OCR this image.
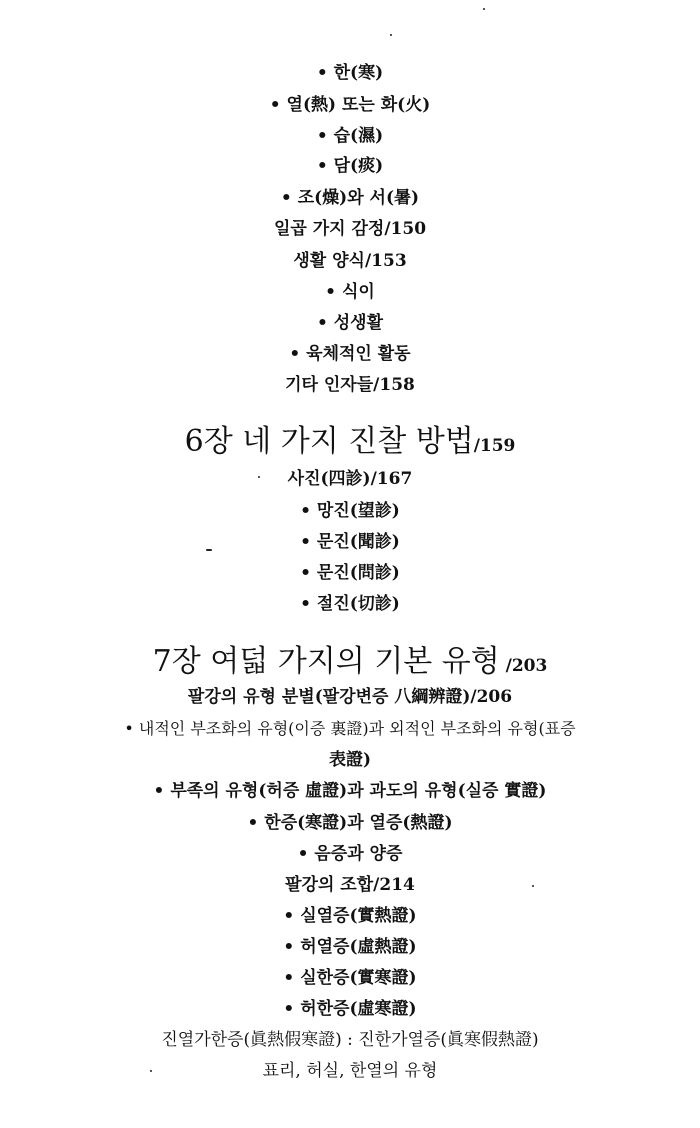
• 한(寒)
• 열(熱) 또는 화(火)
• 습(濕)
• 담(痰)
• 조(燥)와 서(暑)
일곱 가지 감정/150
생활 양식/153
• 식이
• 성생활
• 육체적인 활동
기타 인자들/158
6장 네 가지 진찰 방법/159
사진(四診)/167
• 망진(望診)
• 문진(聞診)
• 문진(問診)
• 절진(切診)
7장 여덟 가지의 기본 유형 /203
팔강의 유형 분별(팔강변증 八綱辨證)/206
• 내적인 부조화의 유형(이증 裏證)과 외적인 부조화의 유형(표증
表證)
• 부족의 유형(허증 虛證)과 과도의 유형(실증 實證)
• 한증(寒證)과 열증(熱證)
• 음증과 양증
팔강의 조합/214
• 실열증(實熱證)
• 허열증(虛熱證)
• 실한증(實寒證)
• 허한증(虛寒證)
진열가한증(眞熱假寒證) : 진한가열증(眞寒假熱證)
표리, 허실, 한열의 유형
